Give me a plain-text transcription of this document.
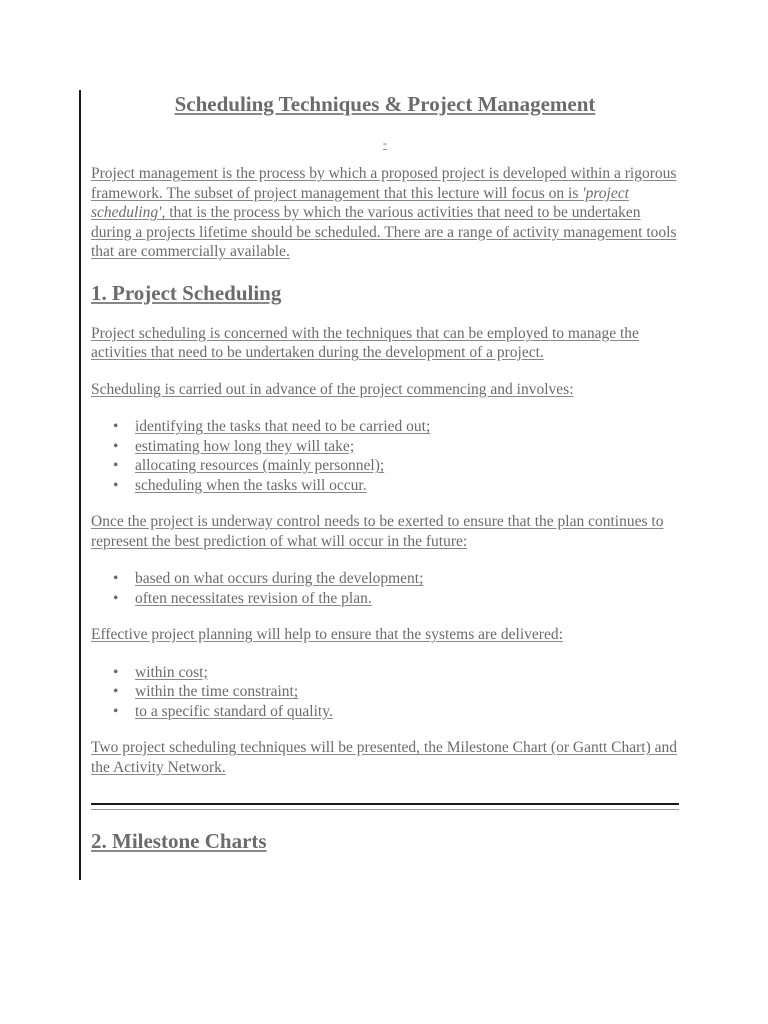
Scheduling Techniques & Project Management
-

Project management is the process by which a proposed project is developed within a rigorous framework. The subset of project management that this lecture will focus on is 'project scheduling', that is the process by which the various activities that need to be undertaken during a projects lifetime should be scheduled. There are a range of activity management tools that are commercially available.

1. Project Scheduling

Project scheduling is concerned with the techniques that can be employed to manage the activities that need to be undertaken during the development of a project.

Scheduling is carried out in advance of the project commencing and involves:

• identifying the tasks that need to be carried out;
• estimating how long they will take;
• allocating resources (mainly personnel);
• scheduling when the tasks will occur.

Once the project is underway control needs to be exerted to ensure that the plan continues to represent the best prediction of what will occur in the future:

• based on what occurs during the development;
• often necessitates revision of the plan.

Effective project planning will help to ensure that the systems are delivered:

• within cost;
• within the time constraint;
• to a specific standard of quality.

Two project scheduling techniques will be presented, the Milestone Chart (or Gantt Chart) and the Activity Network.

2. Milestone Charts
